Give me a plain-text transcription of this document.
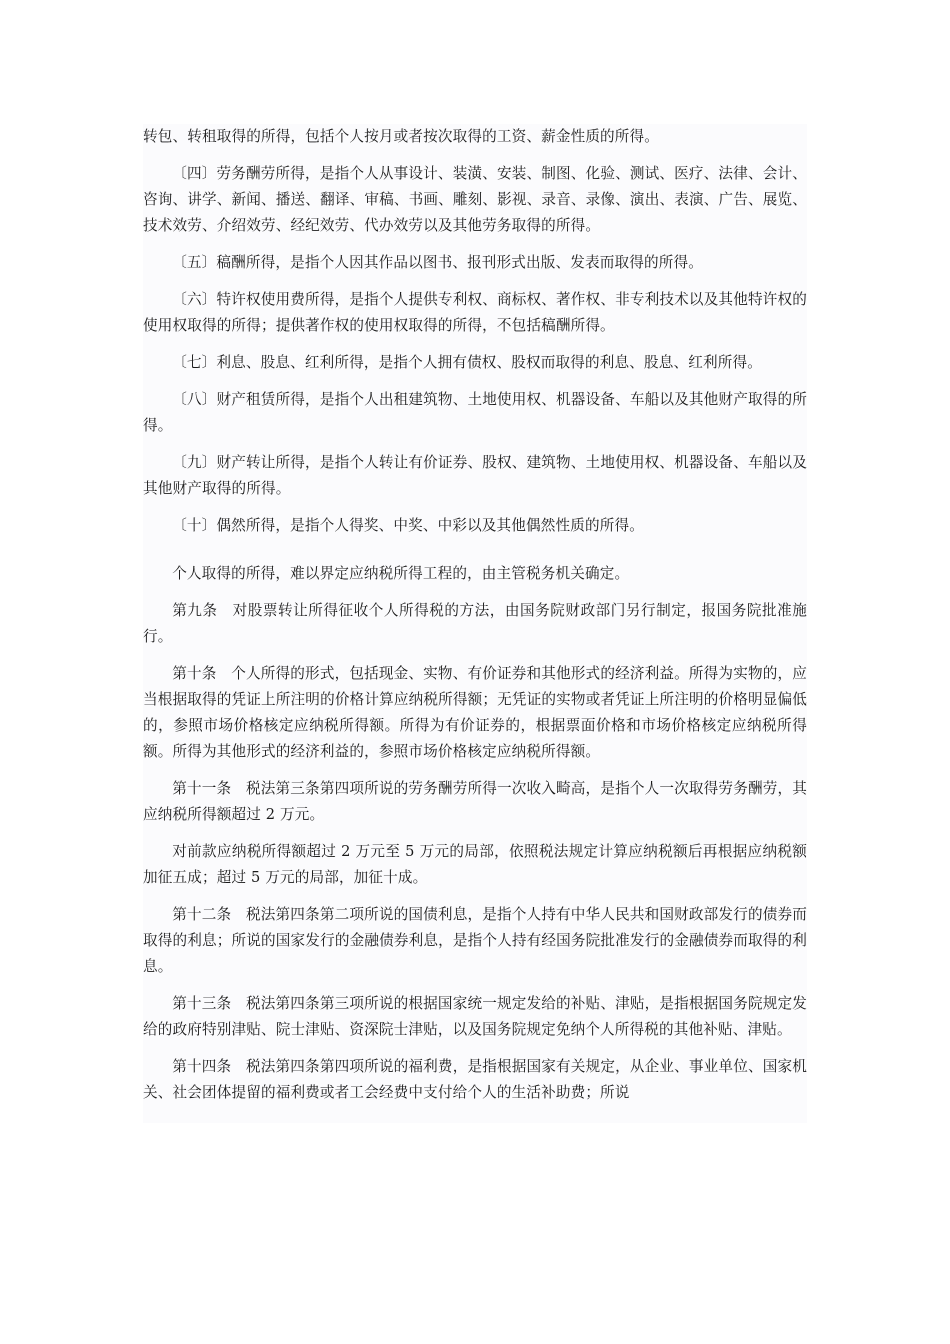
转包、转租取得的所得，包括个人按月或者按次取得的工资、薪金性质的所得。

〔四〕劳务酬劳所得，是指个人从事设计、装潢、安装、制图、化验、测试、医疗、法律、会计、咨询、讲学、新闻、播送、翻译、审稿、书画、雕刻、影视、录音、录像、演出、表演、广告、展览、技术效劳、介绍效劳、经纪效劳、代办效劳以及其他劳务取得的所得。

〔五〕稿酬所得，是指个人因其作品以图书、报刊形式出版、发表而取得的所得。

〔六〕特许权使用费所得，是指个人提供专利权、商标权、著作权、非专利技术以及其他特许权的使用权取得的所得；提供著作权的使用权取得的所得，不包括稿酬所得。

〔七〕利息、股息、红利所得，是指个人拥有债权、股权而取得的利息、股息、红利所得。

〔八〕财产租赁所得，是指个人出租建筑物、土地使用权、机器设备、车船以及其他财产取得的所得。

〔九〕财产转让所得，是指个人转让有价证券、股权、建筑物、土地使用权、机器设备、车船以及其他财产取得的所得。

〔十〕偶然所得，是指个人得奖、中奖、中彩以及其他偶然性质的所得。

个人取得的所得，难以界定应纳税所得工程的，由主管税务机关确定。

第九条　对股票转让所得征收个人所得税的方法，由国务院财政部门另行制定，报国务院批准施行。

第十条　个人所得的形式，包括现金、实物、有价证券和其他形式的经济利益。所得为实物的，应当根据取得的凭证上所注明的价格计算应纳税所得额；无凭证的实物或者凭证上所注明的价格明显偏低的，参照市场价格核定应纳税所得额。所得为有价证券的，根据票面价格和市场价格核定应纳税所得额。所得为其他形式的经济利益的，参照市场价格核定应纳税所得额。

第十一条　税法第三条第四项所说的劳务酬劳所得一次收入畸高，是指个人一次取得劳务酬劳，其应纳税所得额超过 2 万元。

对前款应纳税所得额超过 2 万元至 5 万元的局部，依照税法规定计算应纳税额后再根据应纳税额加征五成；超过 5 万元的局部，加征十成。

第十二条　税法第四条第二项所说的国债利息，是指个人持有中华人民共和国财政部发行的债券而取得的利息；所说的国家发行的金融债券利息，是指个人持有经国务院批准发行的金融债券而取得的利息。

第十三条　税法第四条第三项所说的根据国家统一规定发给的补贴、津贴，是指根据国务院规定发给的政府特别津贴、院士津贴、资深院士津贴，以及国务院规定免纳个人所得税的其他补贴、津贴。

第十四条　税法第四条第四项所说的福利费，是指根据国家有关规定，从企业、事业单位、国家机关、社会团体提留的福利费或者工会经费中支付给个人的生活补助费；所说
